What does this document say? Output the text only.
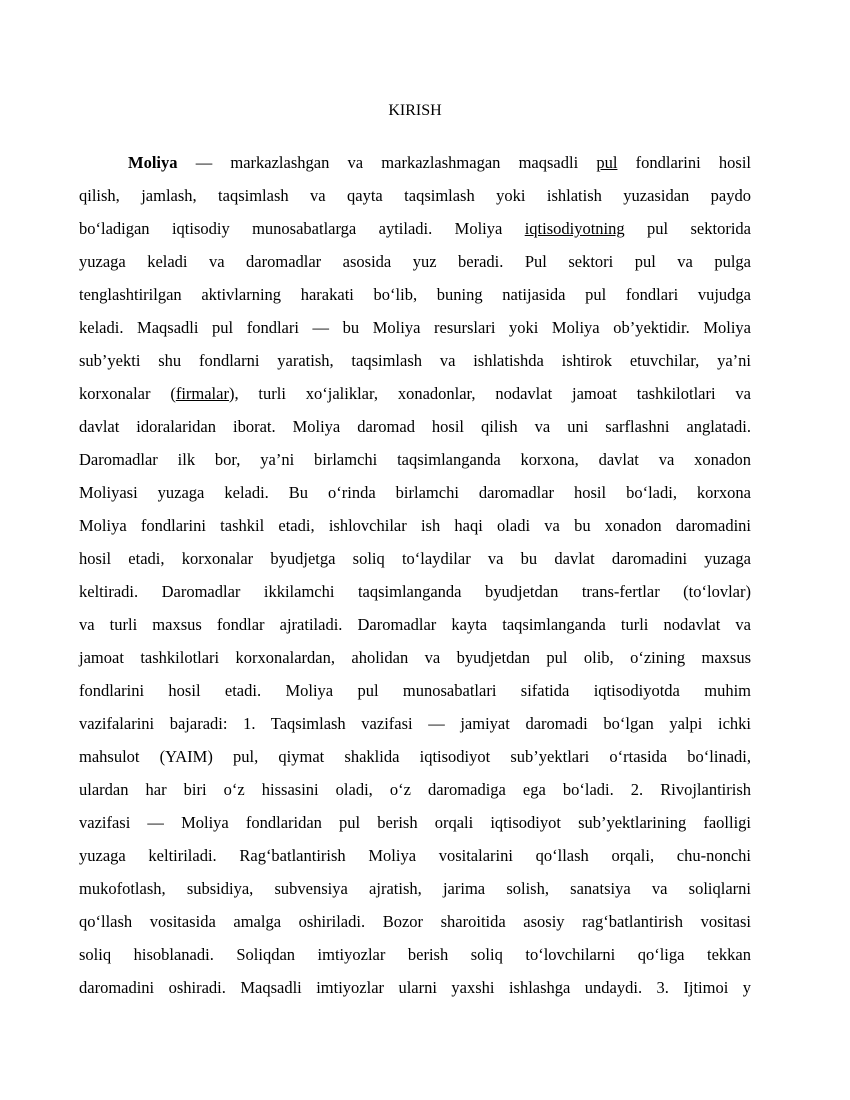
KIRISH
Moliya — markazlashgan va markazlashmagan maqsadli pul fondlarini hosil
qilish, jamlash, taqsimlash va qayta taqsimlash yoki ishlatish yuzasidan paydo
bo‘ladigan iqtisodiy munosabatlarga aytiladi. Moliya iqtisodiyotning pul sektorida
yuzaga keladi va daromadlar asosida yuz beradi. Pul sektori pul va pulga
tenglashtirilgan aktivlarning harakati bo‘lib, buning natijasida pul fondlari vujudga
keladi. Maqsadli pul fondlari — bu Moliya resurslari yoki Moliya ob’yektidir. Moliya
sub’yekti shu fondlarni yaratish, taqsimlash va ishlatishda ishtirok etuvchilar, ya’ni
korxonalar (firmalar), turli xo‘jaliklar, xonadonlar, nodavlat jamoat tashkilotlari va
davlat idoralaridan iborat. Moliya daromad hosil qilish va uni sarflashni anglatadi.
Daromadlar ilk bor, ya’ni birlamchi taqsimlanganda korxona, davlat va xonadon
Moliyasi yuzaga keladi. Bu o‘rinda birlamchi daromadlar hosil bo‘ladi, korxona
Moliya fondlarini tashkil etadi, ishlovchilar ish haqi oladi va bu xonadon daromadini
hosil etadi, korxonalar byudjetga soliq to‘laydilar va bu davlat daromadini yuzaga
keltiradi. Daromadlar ikkilamchi taqsimlanganda byudjetdan trans-fertlar (to‘lovlar)
va turli maxsus fondlar ajratiladi. Daromadlar kayta taqsimlanganda turli nodavlat va
jamoat tashkilotlari korxonalardan, aholidan va byudjetdan pul olib, o‘zining maxsus
fondlarini hosil etadi. Moliya pul munosabatlari sifatida iqtisodiyotda muhim
vazifalarini bajaradi: 1. Taqsimlash vazifasi — jamiyat daromadi bo‘lgan yalpi ichki
mahsulot (YAIM) pul, qiymat shaklida iqtisodiyot sub’yektlari o‘rtasida bo‘linadi,
ulardan har biri o‘z hissasini oladi, o‘z daromadiga ega bo‘ladi. 2. Rivojlantirish
vazifasi — Moliya fondlaridan pul berish orqali iqtisodiyot sub’yektlarining faolligi
yuzaga keltiriladi. Rag‘batlantirish Moliya vositalarini qo‘llash orqali, chu-nonchi
mukofotlash, subsidiya, subvensiya ajratish, jarima solish, sanatsiya va soliqlarni
qo‘llash vositasida amalga oshiriladi. Bozor sharoitida asosiy rag‘batlantirish vositasi
soliq hisoblanadi. Soliqdan imtiyozlar berish soliq to‘lovchilarni qo‘liga tekkan
daromadini oshiradi. Maqsadli imtiyozlar ularni yaxshi ishlashga undaydi. 3. Ijtimoi y
